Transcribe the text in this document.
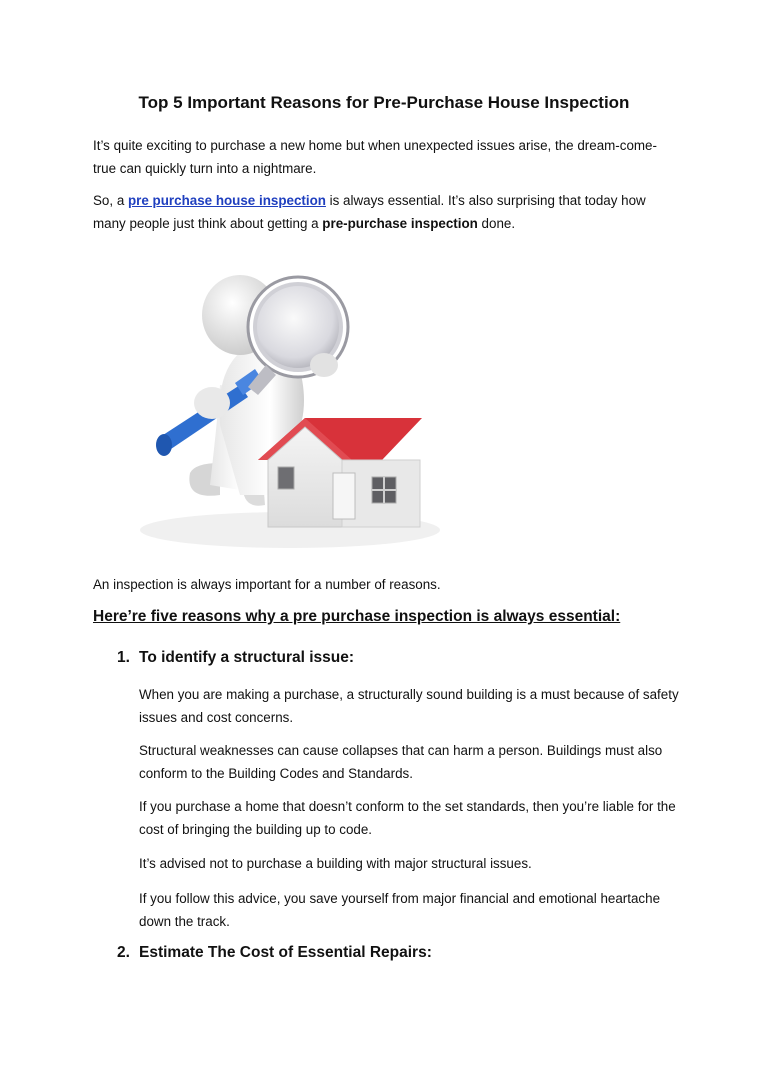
Top 5 Important Reasons for Pre-Purchase House Inspection
It’s quite exciting to purchase a new home but when unexpected issues arise, the dream-come-true can quickly turn into a nightmare.
So, a pre purchase house inspection is always essential. It’s also surprising that today how many people just think about getting a pre-purchase inspection done.
An inspection is always important for a number of reasons.
Here’re five reasons why a pre purchase inspection is always essential:
1. To identify a structural issue:
When you are making a purchase, a structurally sound building is a must because of safety issues and cost concerns.
Structural weaknesses can cause collapses that can harm a person. Buildings must also conform to the Building Codes and Standards.
If you purchase a home that doesn’t conform to the set standards, then you’re liable for the cost of bringing the building up to code.
It’s advised not to purchase a building with major structural issues.
If you follow this advice, you save yourself from major financial and emotional heartache down the track.
2. Estimate The Cost of Essential Repairs:
